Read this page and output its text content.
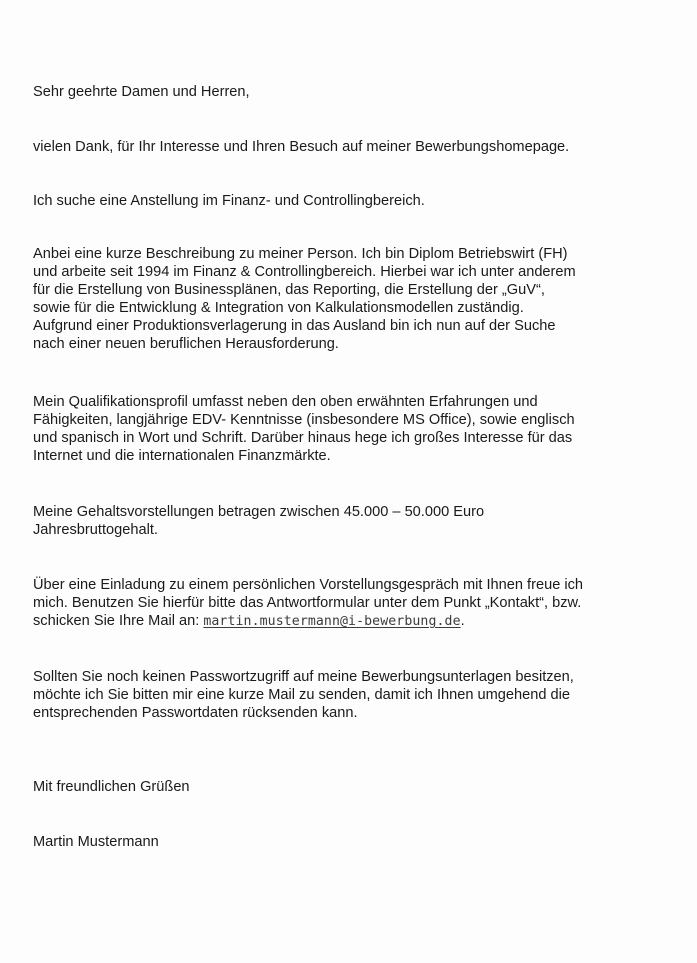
Sehr geehrte Damen und Herren,
vielen Dank, für Ihr Interesse und Ihren Besuch auf meiner Bewerbungshomepage.
Ich suche eine Anstellung im Finanz- und Controllingbereich.
Anbei eine kurze Beschreibung zu meiner Person. Ich bin Diplom Betriebswirt (FH)
und arbeite seit 1994 im Finanz & Controllingbereich. Hierbei war ich unter anderem
für die Erstellung von Businessplänen, das Reporting, die Erstellung der „GuV“,
sowie für die Entwicklung & Integration von Kalkulationsmodellen zuständig.
Aufgrund einer Produktionsverlagerung in das Ausland bin ich nun auf der Suche
nach einer neuen beruflichen Herausforderung.
Mein Qualifikationsprofil umfasst neben den oben erwähnten Erfahrungen und
Fähigkeiten, langjährige EDV- Kenntnisse (insbesondere MS Office), sowie englisch
und spanisch in Wort und Schrift. Darüber hinaus hege ich großes Interesse für das
Internet und die internationalen Finanzmärkte.
Meine Gehaltsvorstellungen betragen zwischen 45.000 – 50.000 Euro
Jahresbruttogehalt.
Über eine Einladung zu einem persönlichen Vorstellungsgespräch mit Ihnen freue ich
mich. Benutzen Sie hierfür bitte das Antwortformular unter dem Punkt „Kontakt“, bzw.
schicken Sie Ihre Mail an: martin.mustermann@i-bewerbung.de.
Sollten Sie noch keinen Passwortzugriff auf meine Bewerbungsunterlagen besitzen,
möchte ich Sie bitten mir eine kurze Mail zu senden, damit ich Ihnen umgehend die
entsprechenden Passwortdaten rücksenden kann.
Mit freundlichen Grüßen
Martin Mustermann
